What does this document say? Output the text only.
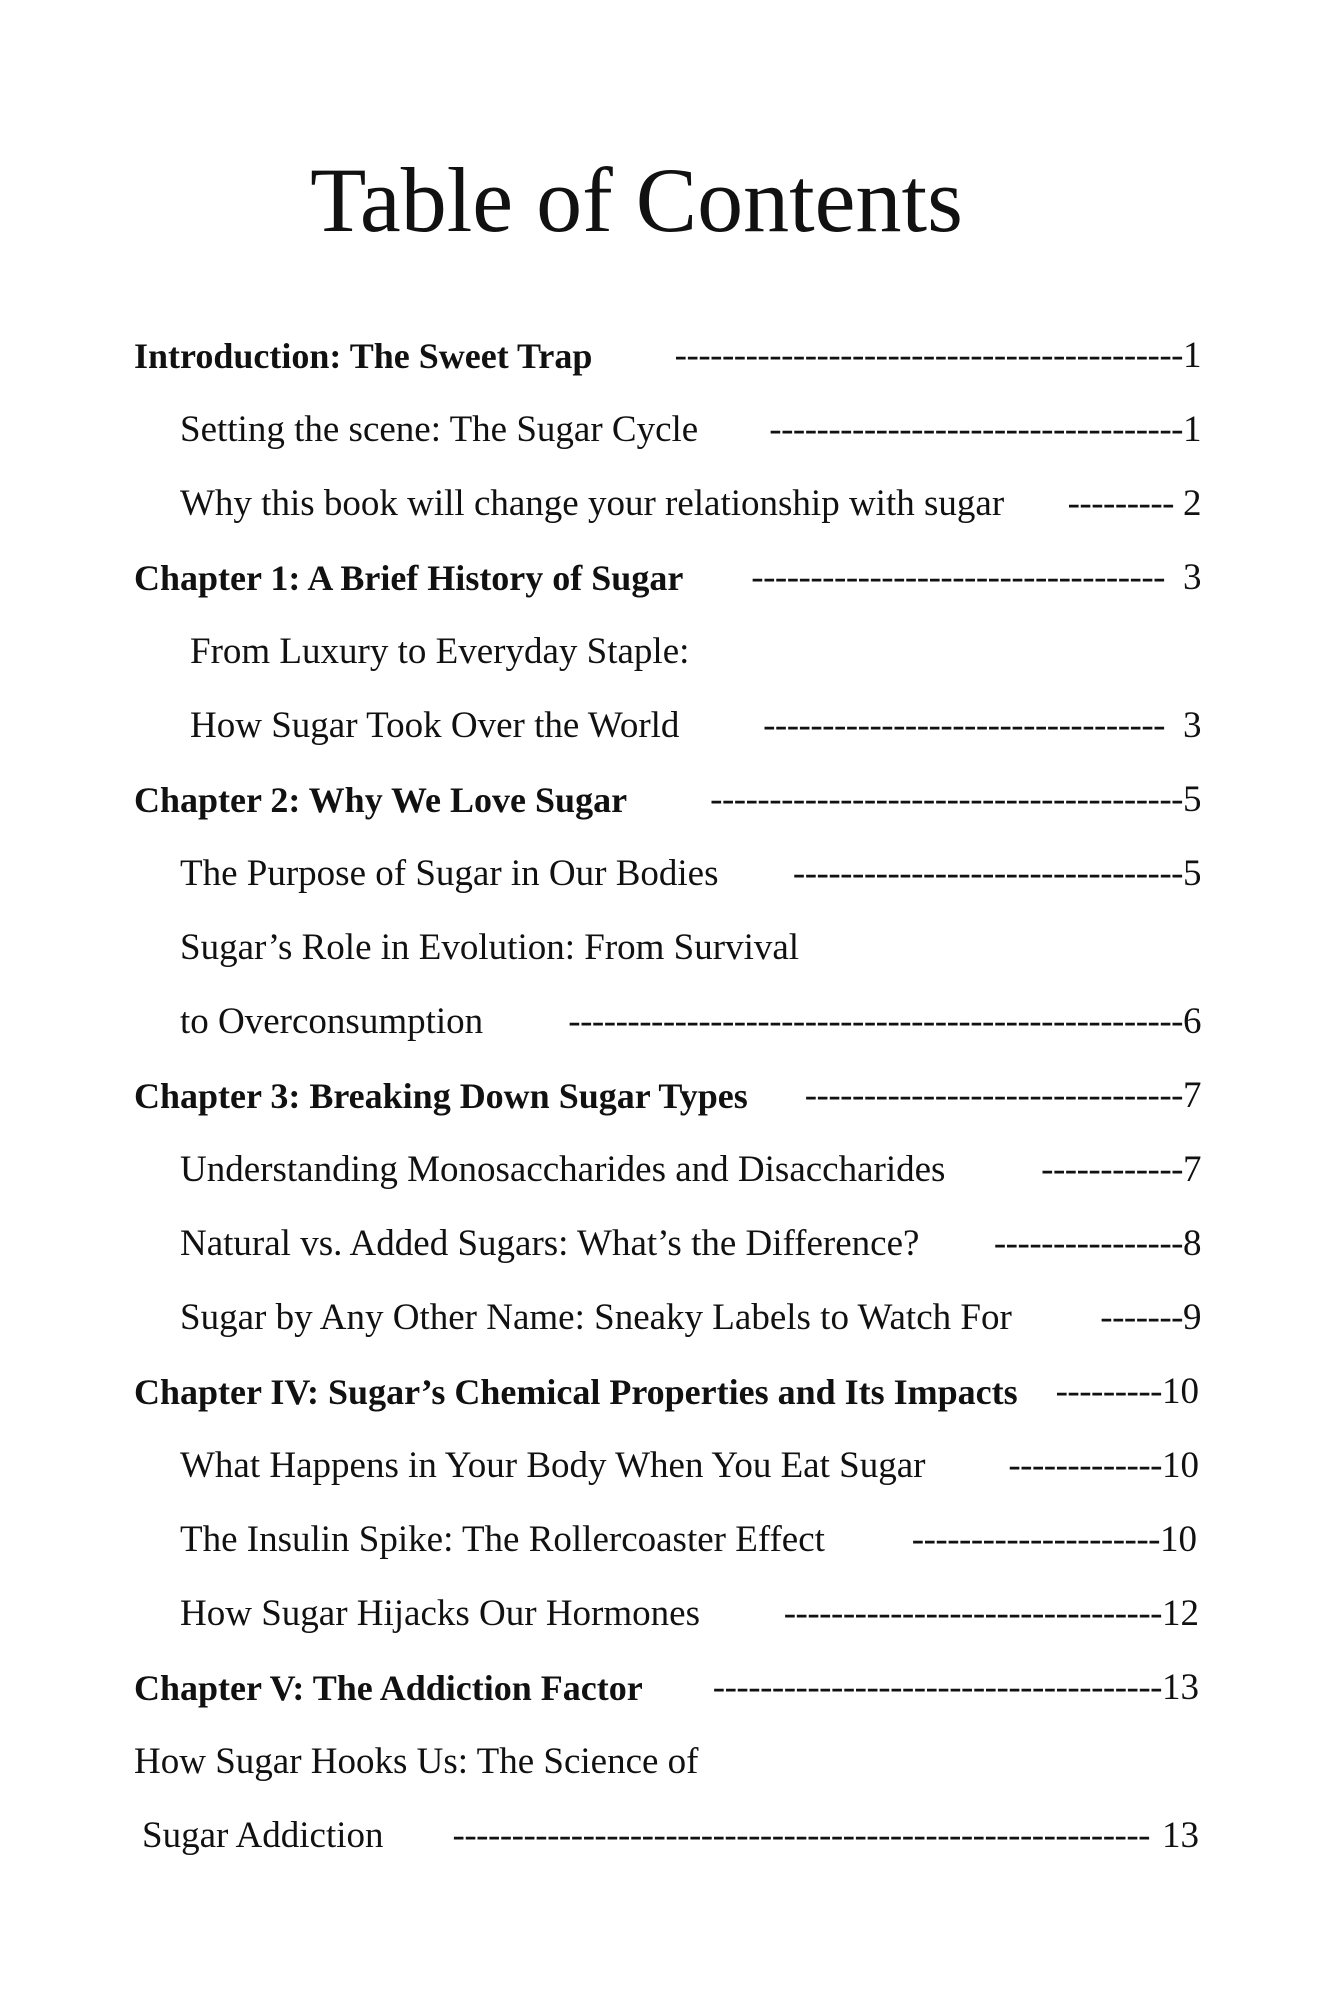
Table of Contents
Introduction: The Sweet Trap	------------------------------------------- 1
Setting the scene: The Sugar Cycle	----------------------------------- 1
Why this book will change your relationship with sugar --------- 2
Chapter 1: A Brief History of Sugar	----------------------------------- 3
From Luxury to Everyday Staple:
How Sugar Took Over the World	---------------------------------- 3
Chapter 2: Why We Love Sugar	---------------------------------------- 5
The Purpose of Sugar in Our Bodies	--------------------------------- 5
Sugar’s Role in Evolution: From Survival
to Overconsumption	---------------------------------------------------- 6
Chapter 3: Breaking Down Sugar Types	-------------------------------- 7
Understanding Monosaccharides and Disaccharides	------------ 7
Natural vs. Added Sugars: What’s the Difference? ---------------- 8
Sugar by Any Other Name: Sneaky Labels to Watch For ------- 9
Chapter IV: Sugar’s Chemical Properties and Its Impacts --------- 10
What Happens in Your Body When You Eat Sugar ------------- 10
The Insulin Spike: The Rollercoaster Effect	--------------------- 10
How Sugar Hijacks Our Hormones	-------------------------------- 12
Chapter V: The Addiction Factor	-------------------------------------- 13
How Sugar Hooks Us: The Science of
Sugar Addiction	----------------------------------------------------------- 13
